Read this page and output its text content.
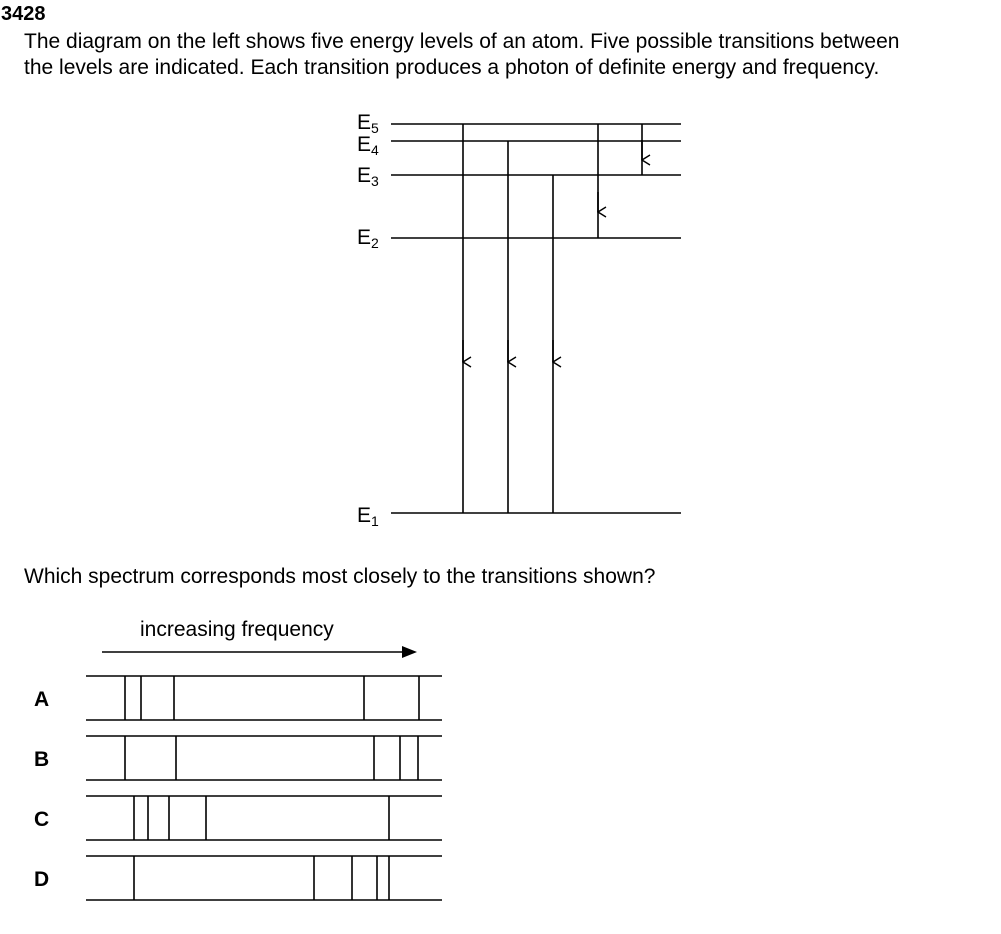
3428
The diagram on the left shows five energy levels of an atom. Five possible transitions between
the levels are indicated. Each transition produces a photon of definite energy and frequency.
E5
E4
E3
E2
E1
Which spectrum corresponds most closely to the transitions shown?
increasing frequency
A
B
C
D
